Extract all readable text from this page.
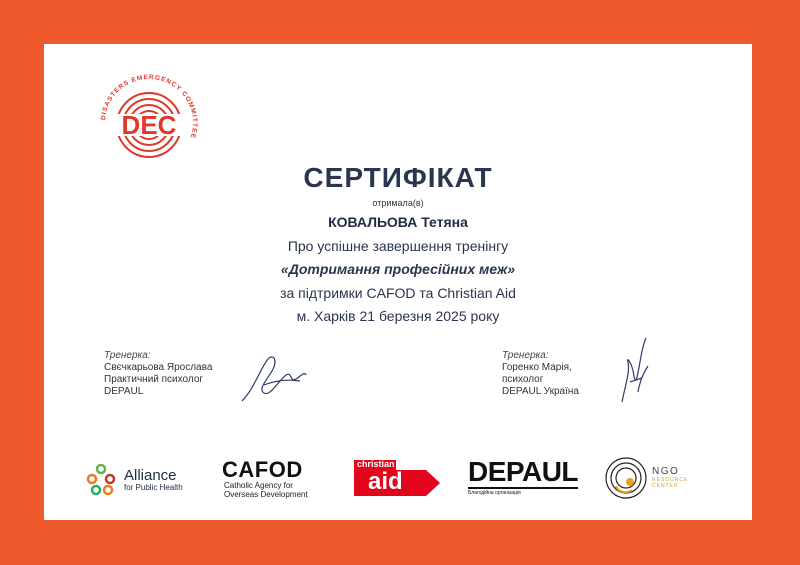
DEC
DISASTERS EMERGENCY COMMITTEE
СЕРТИФІКАТ
отримала(в)
КОВАЛЬОВА Тетяна
Про успішне завершення тренінгу
«Дотримання професійних меж»
за підтримки CAFOD та Christian Aid
м. Харків 21 березня 2025 року
Тренерка:
Свєчкарьова Ярослава
Практичний психолог
DEPAUL
Тренерка:
Горенко Марія,
психолог
DEPAUL Україна
Alliance
for Public Health
CAFOD
Catholic Agency for
Overseas Development
christian
aid DEPAUL
Благодійна організація
NGO
RESOURCE
CENTER
